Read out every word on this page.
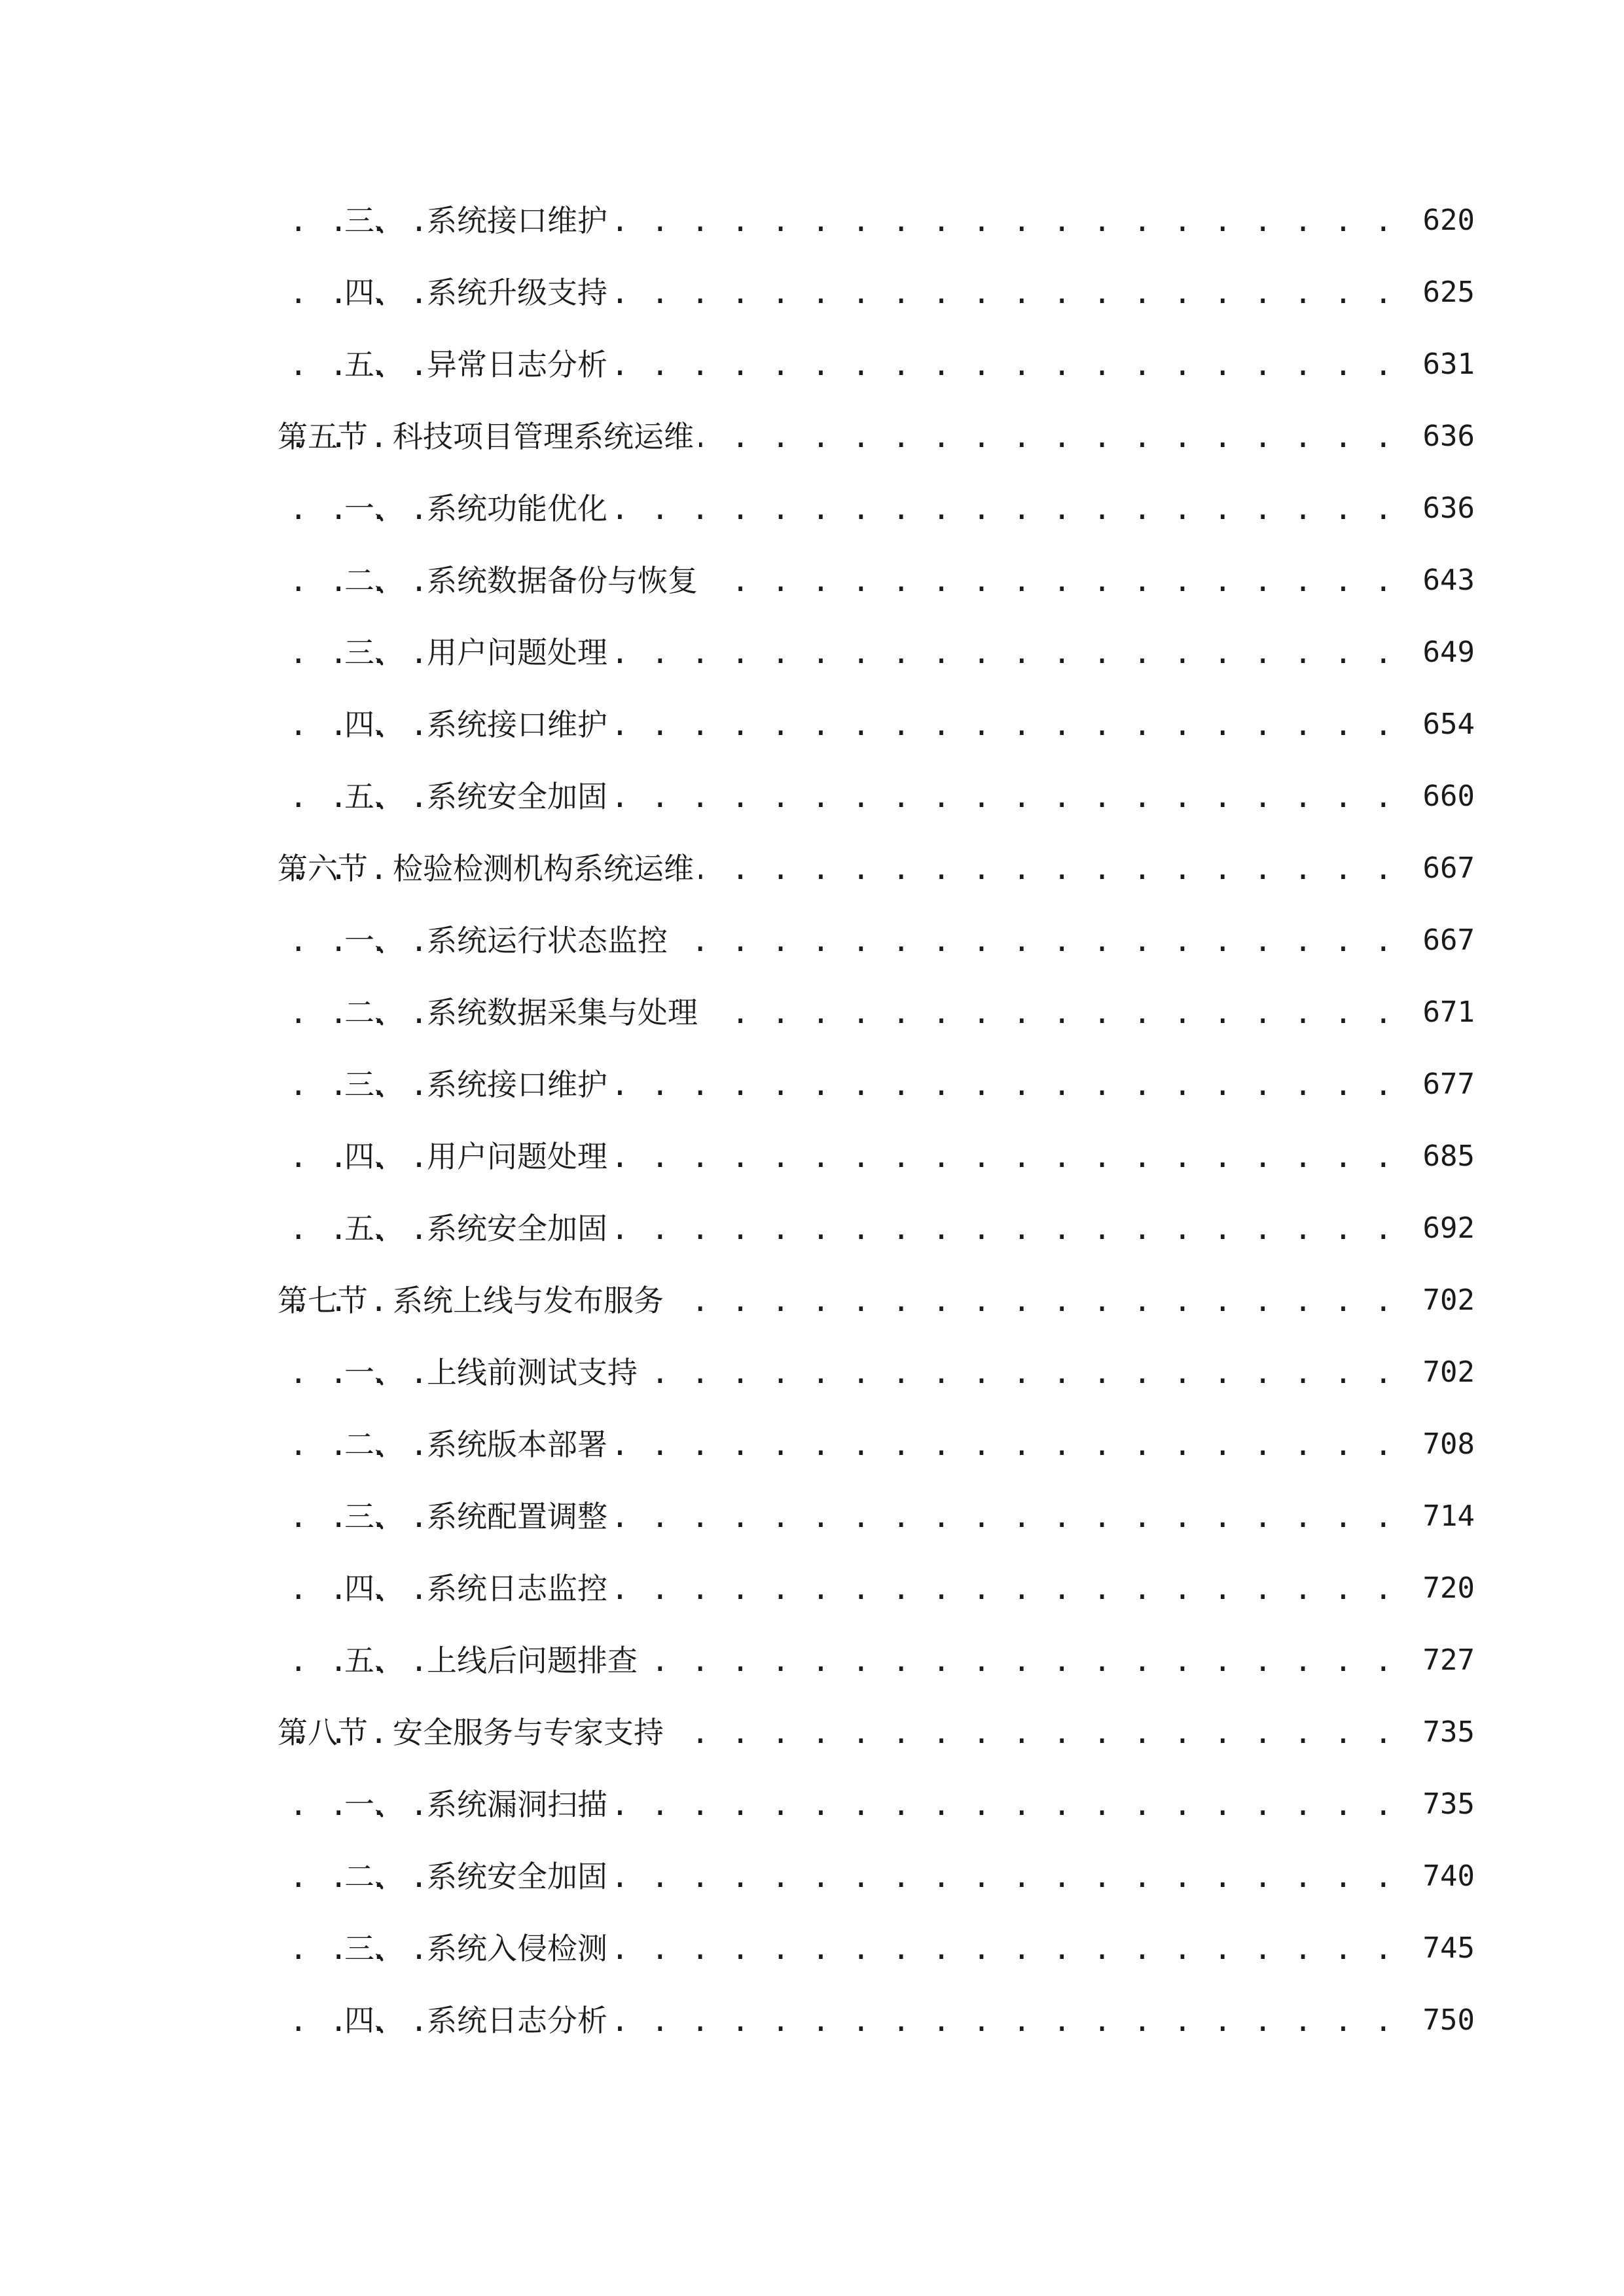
三、 系统接口维护 . . .	620
四、 系统升级支持 . . .	625
五、 异常日志分析 . . .	631
第五节 科技项目管理系统运维 . . .	636
一、 系统功能优化 . . .	636
二、 系统数据备份与恢复 . . .	643
三、 用户问题处理 . . .	649
四、 系统接口维护 . . .	654
五、 系统安全加固 . . .	660
第六节 检验检测机构系统运维 . . .	667
一、 系统运行状态监控 . . .	667
二、 系统数据采集与处理 . . .	671
三、 系统接口维护 . . .	677
四、 用户问题处理 . . .	685
五、 系统安全加固 . . .	692
第七节 系统上线与发布服务 . . .	702
一、 上线前测试支持 . . .	702
二、 系统版本部署 . . .	708
三、 系统配置调整 . . .	714
四、 系统日志监控 . . .	720
五、 上线后问题排查 . . .	727
第八节 安全服务与专家支持 . . .	735
一、 系统漏洞扫描 . . .	735
二、 系统安全加固 . . .	740
三、 系统入侵检测 . . .	745
四、 系统日志分析 . . .	750
